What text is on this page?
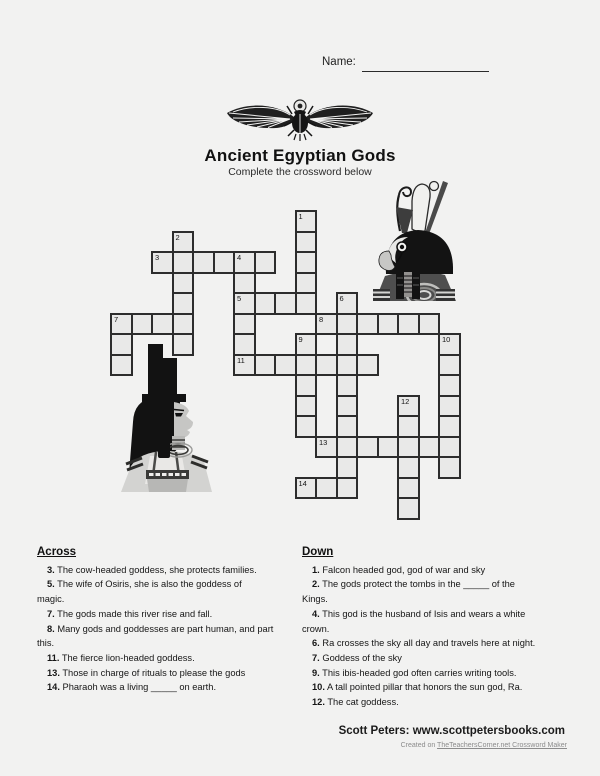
Name:
Ancient Egyptian Gods
Complete the crossword below
1
2
3	4
5	6
7	8
9	10
11
12
13
14
Across

3. The cow-headed goddess, she protects families.

5. The wife of Osiris, she is also the goddess of
magic.

7. The gods made this river rise and fall.

8. Many gods and goddesses are part human, and part
this.

11. The fierce lion-headed goddess.

13. Those in charge of rituals to please the gods

14. Pharaoh was a living _____ on earth.

Down

1. Falcon headed god, god of war and sky

2. The gods protect the tombs in the _____ of the
Kings.

4. This god is the husband of Isis and wears a white
crown.

6. Ra crosses the sky all day and travels here at night.

7. Goddess of the sky

9. This ibis-headed god often carries writing tools.

10. A tall pointed pillar that honors the sun god, Ra.

12. The cat goddess.

Scott Peters: www.scottpetersbooks.com
Created on TheTeachersCorner.net Crossword Maker
